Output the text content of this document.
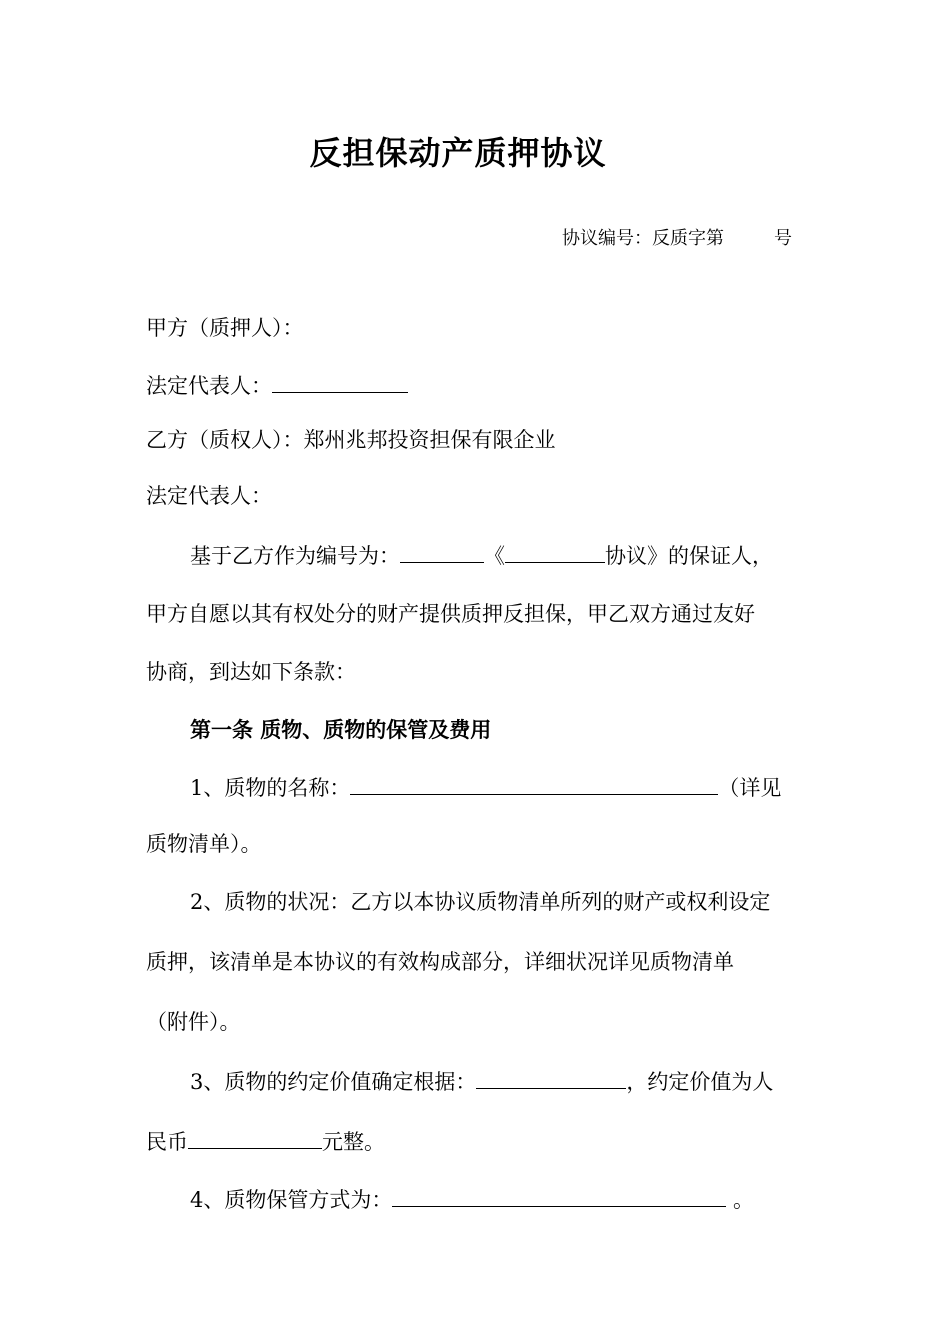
反担保动产质押协议
协议编号：反质字第	号
甲方（质押人）：
法定代表人：
乙方（质权人）：郑州兆邦投资担保有限企业
法定代表人：
基于乙方作为编号为：	《	协议》的保证人，
甲方自愿以其有权处分的财产提供质押反担保，甲乙双方通过友好
协商，到达如下条款：
第一条 质物、质物的保管及费用
1、质物的名称：	（详见
质物清单）。
2、质物的状况：乙方以本协议质物清单所列的财产或权利设定
质押，该清单是本协议的有效构成部分，详细状况详见质物清单
（附件）。
3、质物的约定价值确定根据：	，约定价值为人
民币	元整。
4、质物保管方式为：	。
